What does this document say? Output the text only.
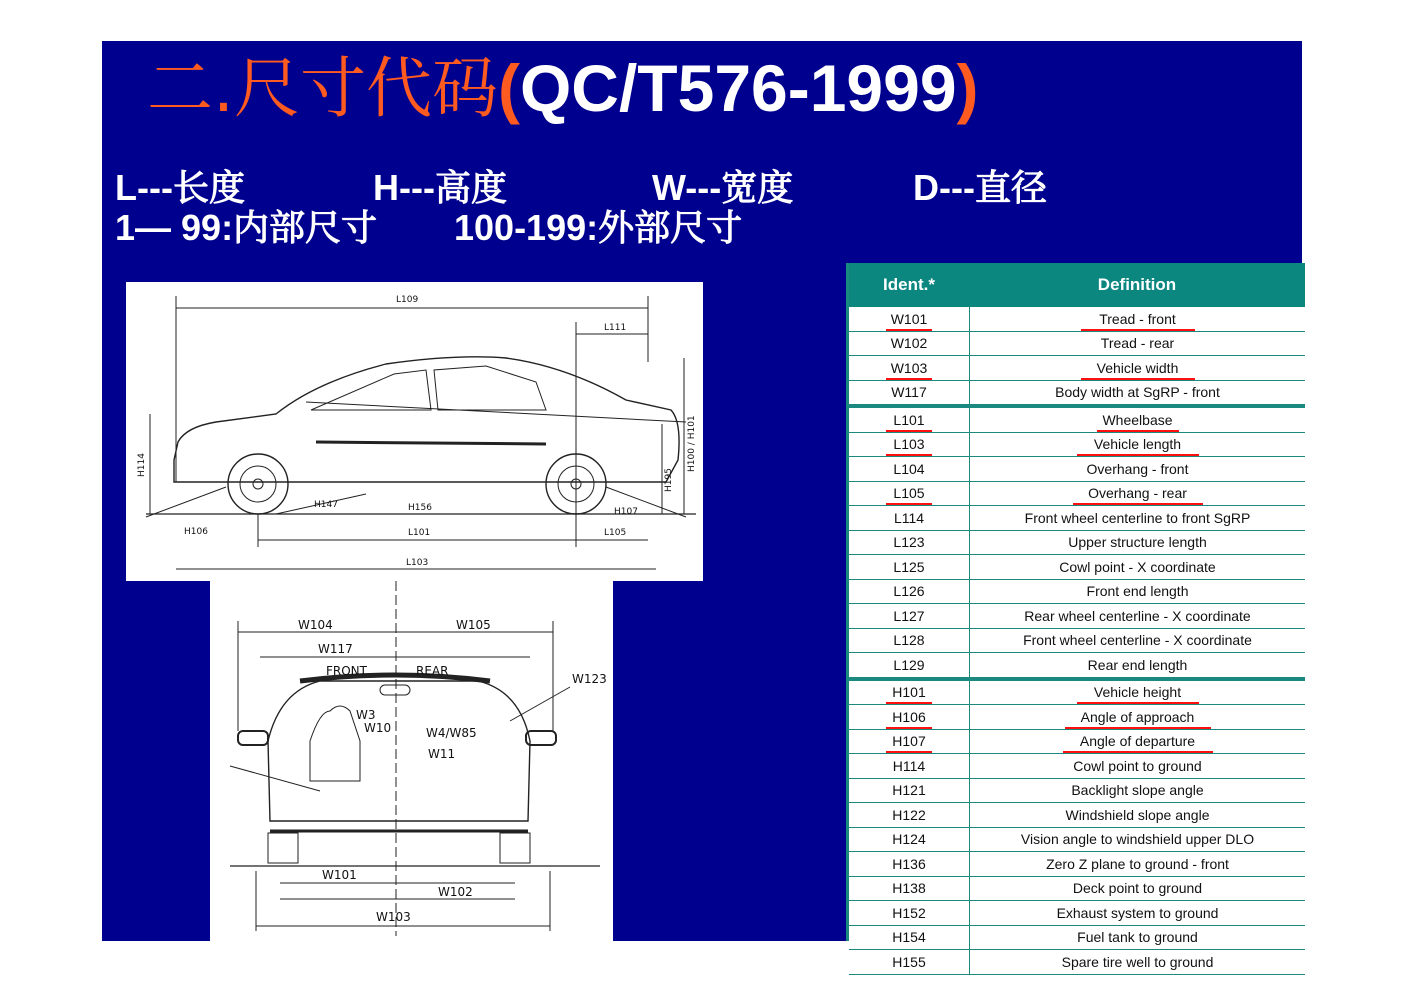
二.尺寸代码(QC/T576-1999)
L---长度	H---高度	W---宽度	D---直径
1— 99:内部尺寸 100-199:外部尺寸
L109
L111
H114	H100 / H101
H195
H147	H156	H107
H106	L101	L105
L103
W104	W105
W117
FRONT	REAR
W123
W3
W10	W4/W85
W11
W101
W102
W103
Ident.*	Definition
W101	Tread - front
W102	Tread - rear
W103	Vehicle width
W117	Body width at SgRP - front
L101	Wheelbase
L103	Vehicle length
L104	Overhang - front
L105	Overhang - rear
L114	Front wheel centerline to front SgRP
L123	Upper structure length
L125	Cowl point - X coordinate
L126	Front end length
L127	Rear wheel centerline - X coordinate
L128	Front wheel centerline - X coordinate
L129	Rear end length
H101	Vehicle height
H106	Angle of approach
H107	Angle of departure
H114	Cowl point to ground
H121	Backlight slope angle
H122	Windshield slope angle
H124	Vision angle to windshield upper DLO
H136	Zero Z plane to ground - front
H138	Deck point to ground
H152	Exhaust system to ground
H154	Fuel tank to ground
H155	Spare tire well to ground
